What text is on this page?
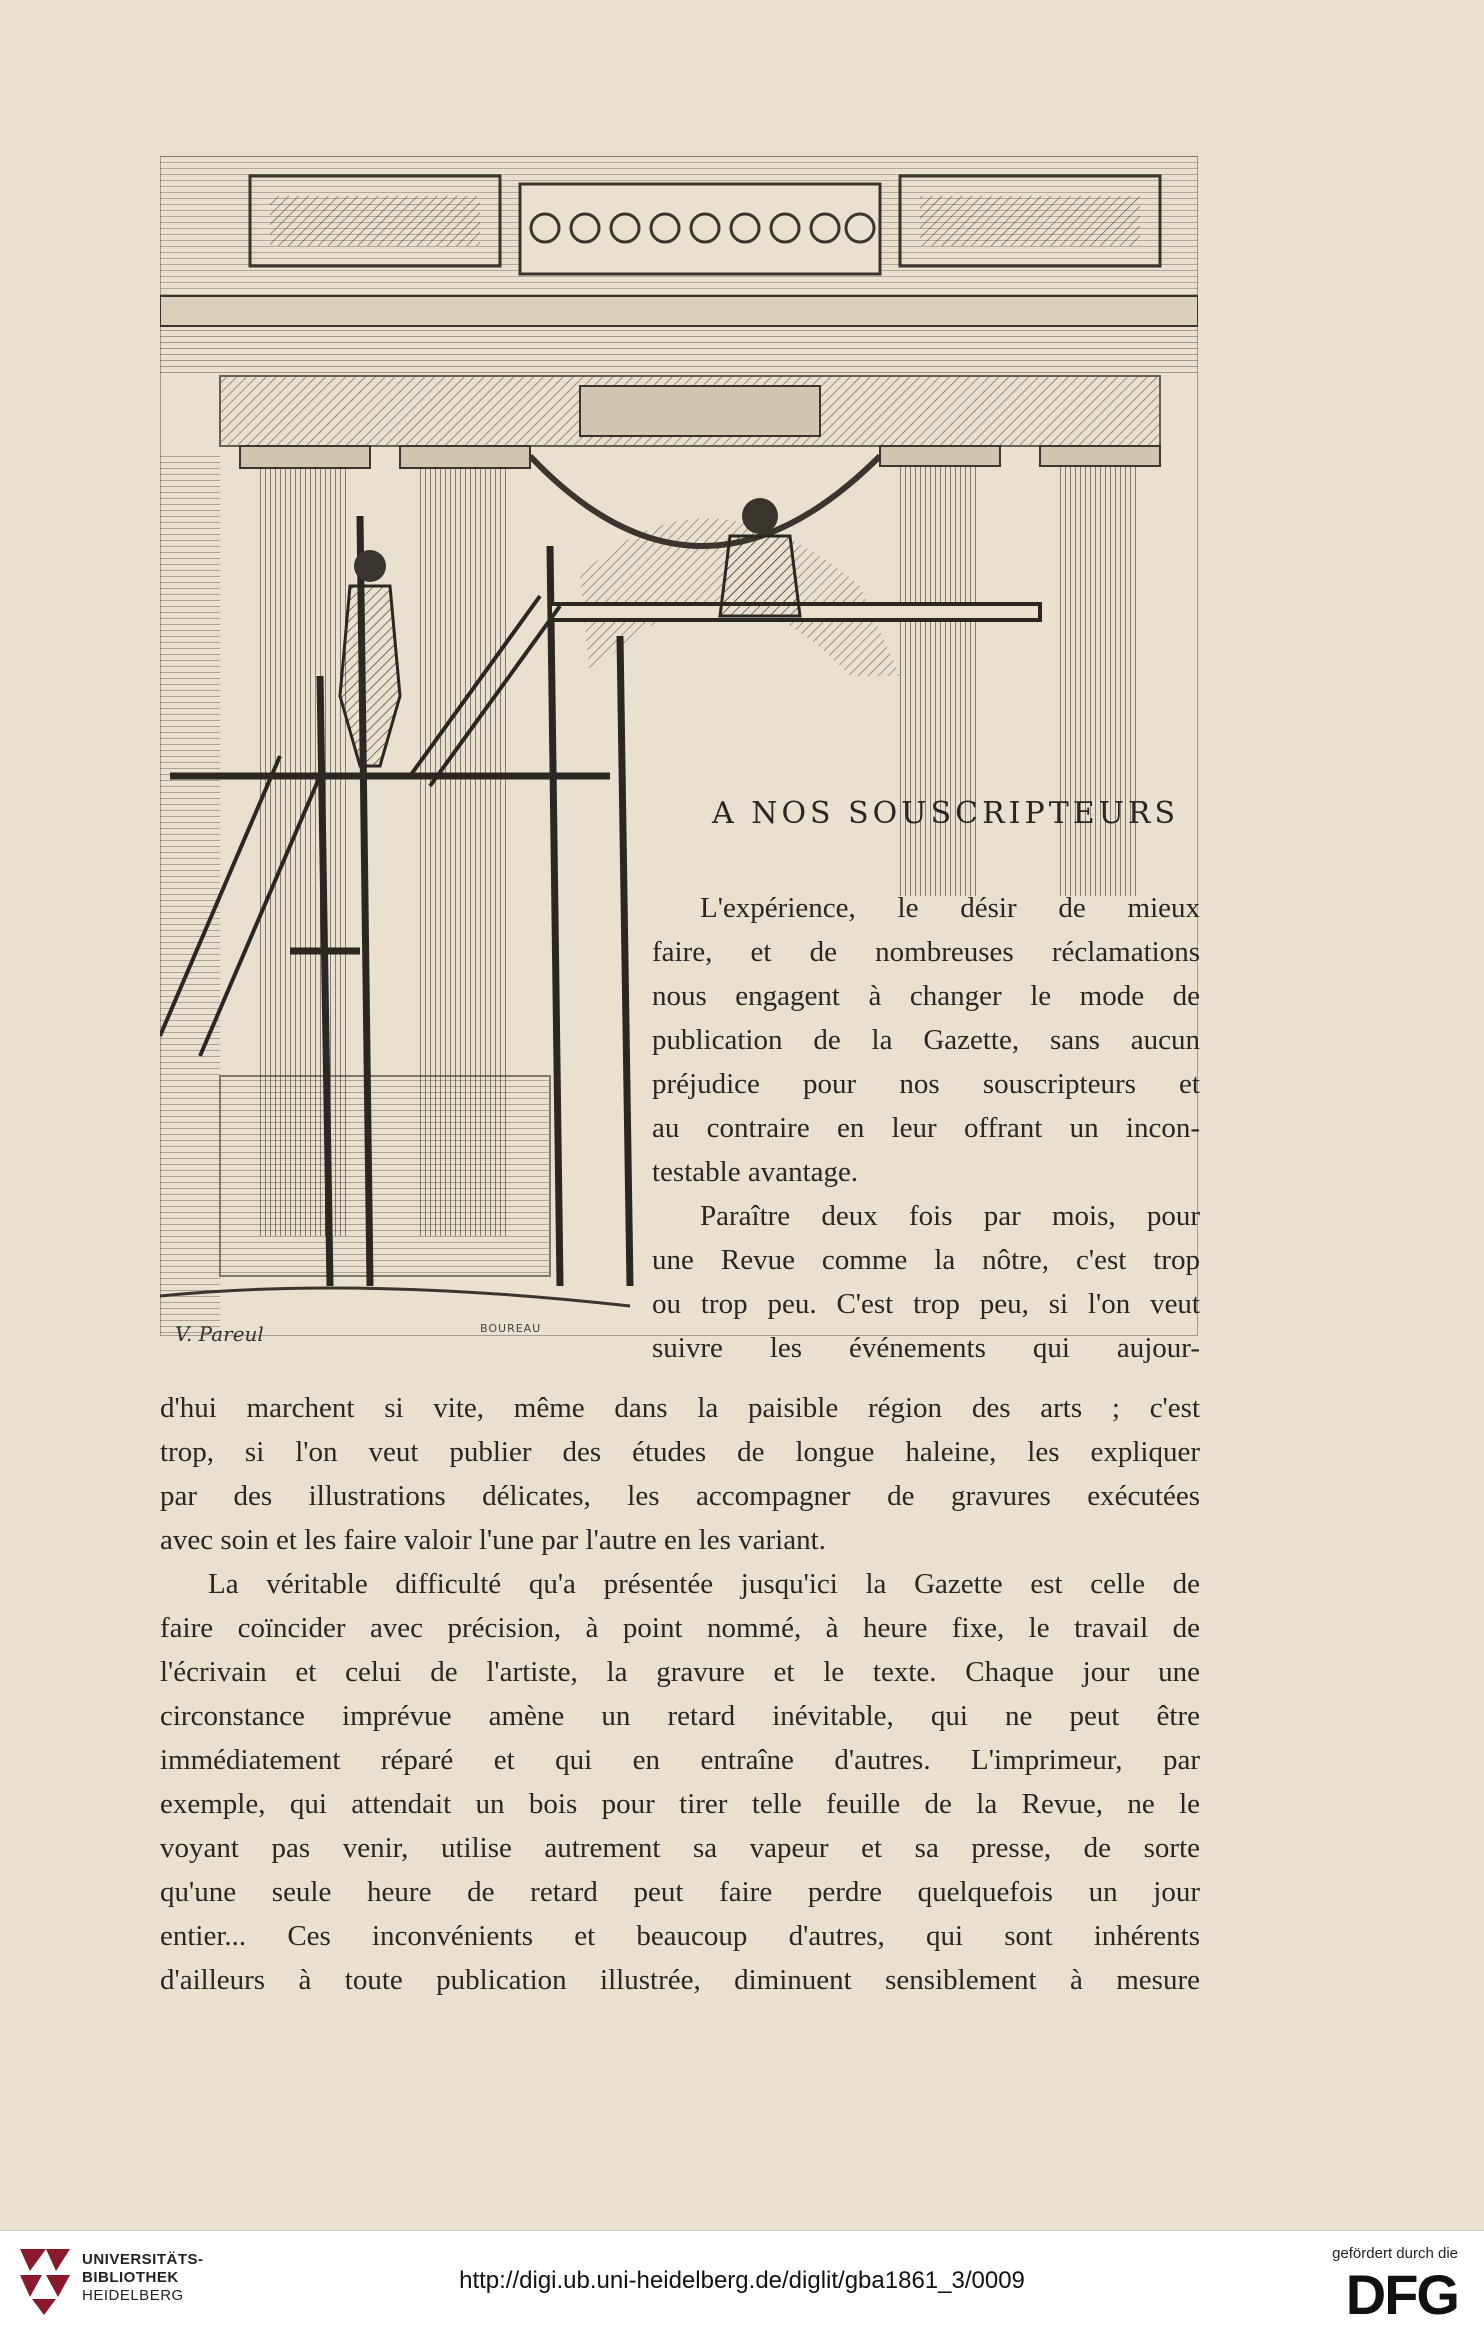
V. Pareul	BOUREAU
A NOS SOUSCRIPTEURS
L'expérience, le désir de mieux
faire, et de nombreuses réclamations
nous engagent à changer le mode de
publication de la Gazette, sans aucun
préjudice pour nos souscripteurs et
au contraire en leur offrant un incon-
testable avantage.
Paraître deux fois par mois, pour
une Revue comme la nôtre, c'est trop
ou trop peu. C'est trop peu, si l'on veut
suivre les événements qui aujour-
d'hui marchent si vite, même dans la paisible région des arts ; c'est
trop, si l'on veut publier des études de longue haleine, les expliquer
par des illustrations délicates, les accompagner de gravures exécutées
avec soin et les faire valoir l'une par l'autre en les variant.
La véritable difficulté qu'a présentée jusqu'ici la Gazette est celle de
faire coïncider avec précision, à point nommé, à heure fixe, le travail de
l'écrivain et celui de l'artiste, la gravure et le texte. Chaque jour une
circonstance imprévue amène un retard inévitable, qui ne peut être
immédiatement réparé et qui en entraîne d'autres. L'imprimeur, par
exemple, qui attendait un bois pour tirer telle feuille de la Revue, ne le
voyant pas venir, utilise autrement sa vapeur et sa presse, de sorte
qu'une seule heure de retard peut faire perdre quelquefois un jour
entier... Ces inconvénients et beaucoup d'autres, qui sont inhérents
d'ailleurs à toute publication illustrée, diminuent sensiblement à mesure
UNIVERSITÄTS-
BIBLIOTHEK
HEIDELBERG
http://digi.ub.uni-heidelberg.de/diglit/gba1861_3/0009
gefördert durch die
DFG
